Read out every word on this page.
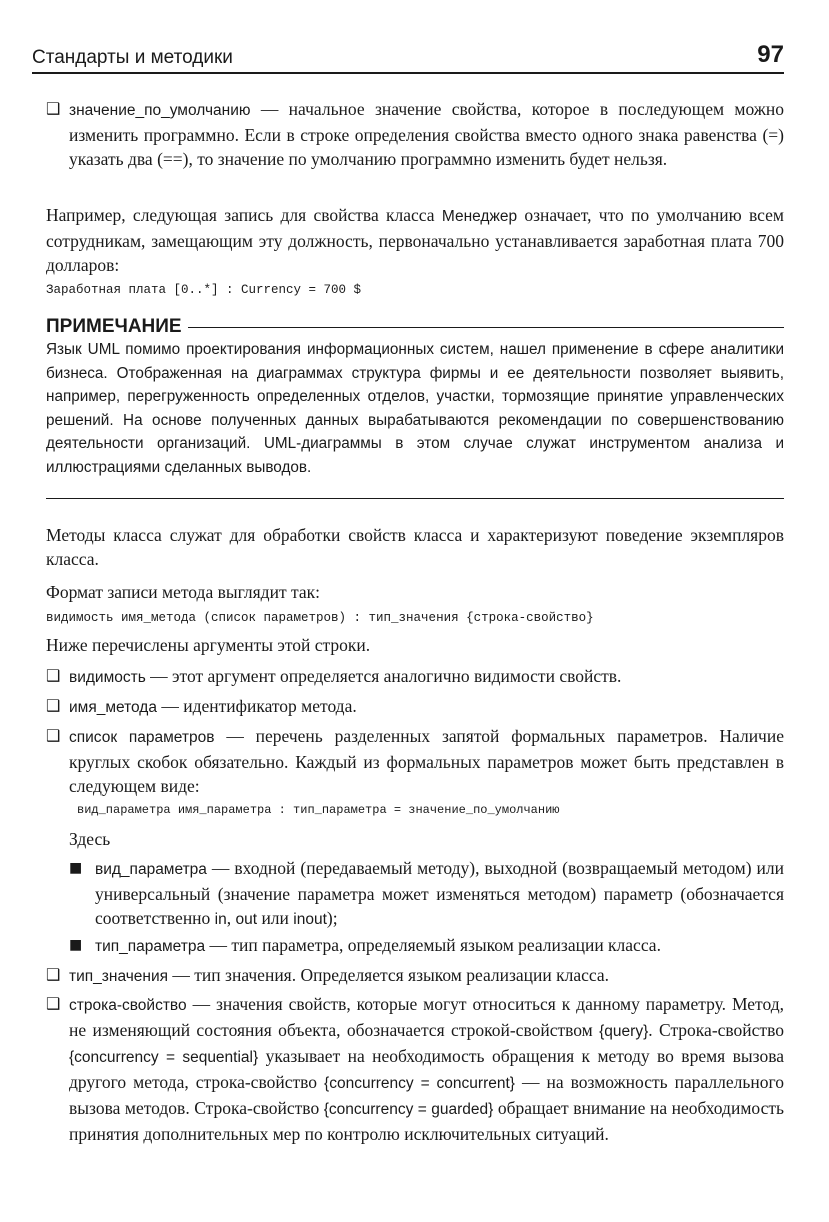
Стандарты и методики	97
❑ значение_по_умолчанию — начальное значение свойства, которое в последующем можно изменить программно. Если в строке определения свойства вместо одного знака равенства (=) указать два (==), то значение по умолчанию программно изменить будет нельзя.
Например, следующая запись для свойства класса Менеджер означает, что по умолчанию всем сотрудникам, замещающим эту должность, первоначально устанавливается заработная плата 700 долларов:
Заработная плата [0..*] : Currency = 700 $
ПРИМЕЧАНИЕ
Язык UML помимо проектирования информационных систем, нашел применение в сфере аналитики бизнеса. Отображенная на диаграммах структура фирмы и ее деятельности позволяет выявить, например, перегруженность определенных отделов, участки, тормозящие принятие управленческих решений. На основе полученных данных вырабатываются рекомендации по совершенствованию деятельности организаций. UML-диаграммы в этом случае служат инструментом анализа и иллюстрациями сделанных выводов.
Методы класса служат для обработки свойств класса и характеризуют поведение экземпляров класса.
Формат записи метода выглядит так:
видимость имя_метода (список параметров) : тип_значения {строка-свойство}
Ниже перечислены аргументы этой строки.
❑ видимость — этот аргумент определяется аналогично видимости свойств.
❑ имя_метода — идентификатор метода.
❑ список параметров — перечень разделенных запятой формальных параметров. Наличие круглых скобок обязательно. Каждый из формальных параметров может быть представлен в следующем виде:
вид_параметра имя_параметра : тип_параметра = значение_по_умолчанию
Здесь
■ вид_параметра — входной (передаваемый методу), выходной (возвращаемый методом) или универсальный (значение параметра может изменяться методом) параметр (обозначается соответственно in, out или inout);
■ тип_параметра — тип параметра, определяемый языком реализации класса.
❑ тип_значения — тип значения. Определяется языком реализации класса.
❑ строка-свойство — значения свойств, которые могут относиться к данному параметру. Метод, не изменяющий состояния объекта, обозначается строкой-свойством {query}. Строка-свойство {concurrency = sequential} указывает на необходимость обращения к методу во время вызова другого метода, строка-свойство {concurrency = concurrent} — на возможность параллельного вызова методов. Строка-свойство {concurrency = guarded} обращает внимание на необходимость принятия дополнительных мер по контролю исключительных ситуаций.
